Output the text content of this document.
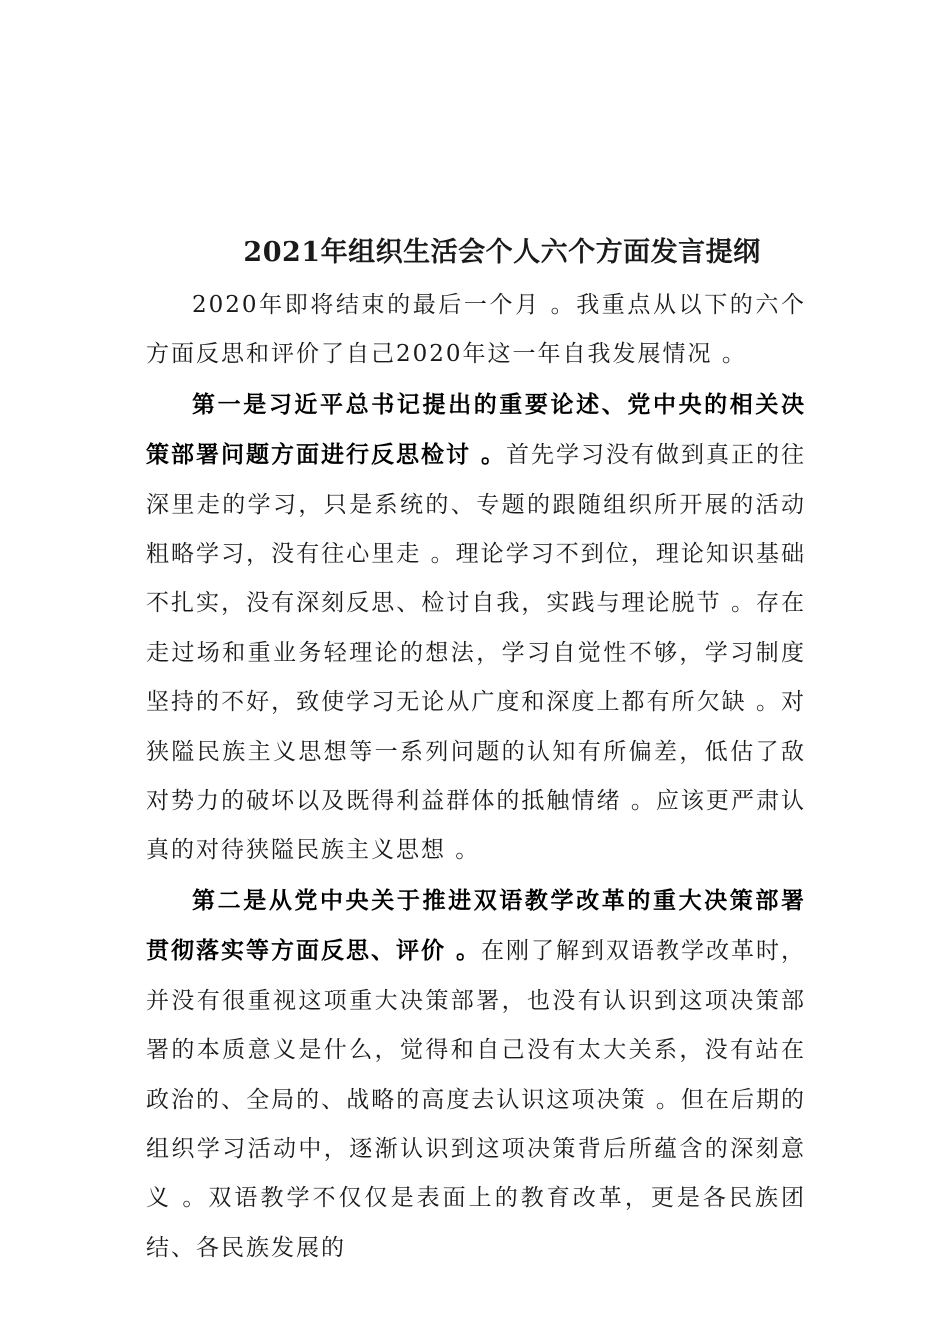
2021年组织生活会个人六个方面发言提纲

2020年即将结束的最后一个月 。我重点从以下的六个方面反思和评价了自己2020年这一年自我发展情况 。

第一是习近平总书记提出的重要论述、党中央的相关决策部署问题方面进行反思检讨 。首先学习没有做到真正的往深里走的学习，只是系统的、专题的跟随组织所开展的活动粗略学习，没有往心里走 。理论学习不到位，理论知识基础不扎实，没有深刻反思、检讨自我，实践与理论脱节 。存在走过场和重业务轻理论的想法，学习自觉性不够，学习制度坚持的不好，致使学习无论从广度和深度上都有所欠缺 。对狭隘民族主义思想等一系列问题的认知有所偏差，低估了敌对势力的破坏以及既得利益群体的抵触情绪 。应该更严肃认真的对待狭隘民族主义思想 。

第二是从党中央关于推进双语教学改革的重大决策部署贯彻落实等方面反思、评价 。在刚了解到双语教学改革时，并没有很重视这项重大决策部署，也没有认识到这项决策部署的本质意义是什么，觉得和自己没有太大关系，没有站在政治的、全局的、战略的高度去认识这项决策 。但在后期的组织学习活动中，逐渐认识到这项决策背后所蕴含的深刻意义 。双语教学不仅仅是表面上的教育改革，更是各民族团结、各民族发展的
